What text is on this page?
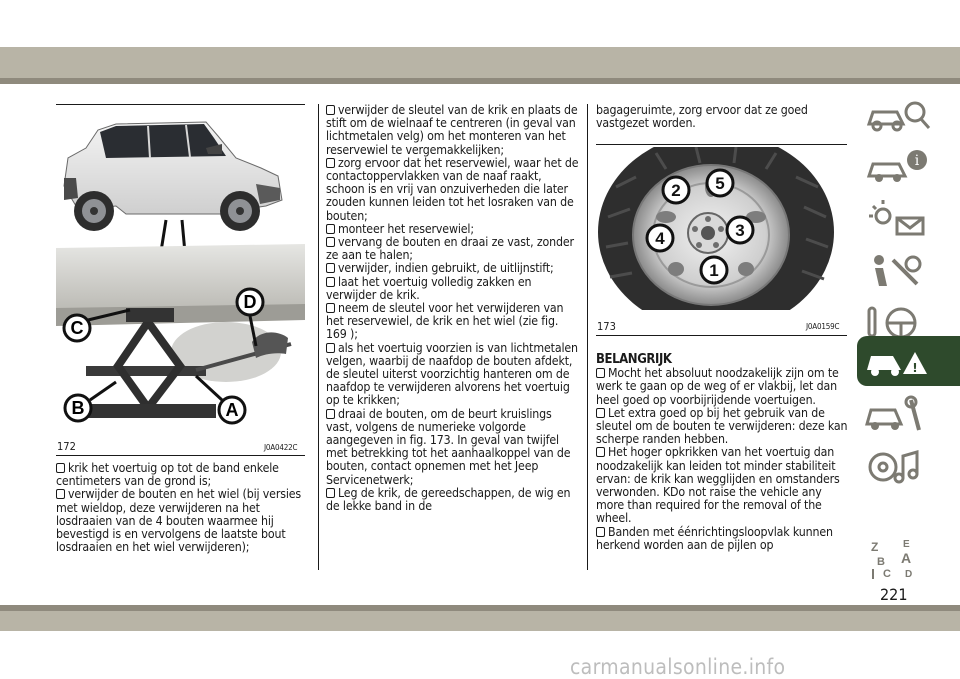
D
C
B	A
172	J0A0422C

krik het voertuig op tot de band enkele centimeters van de grond is;

verwijder de bouten en het wiel (bij versies met wieldop, deze verwijderen na het losdraaien van de 4 bouten waarmee hij bevestigd is en vervolgens de laatste bout losdraaien en het wiel verwijderen);

verwijder de sleutel van de krik en plaats de stift om de wielnaaf te centreren (in geval van lichtmetalen velg) om het monteren van het reservewiel te vergemakkelijken;

zorg ervoor dat het reservewiel, waar het de contactoppervlakken van de naaf raakt, schoon is en vrij van onzuiverheden die later zouden kunnen leiden tot het losraken van de bouten;

monteer het reservewiel;

vervang de bouten en draai ze vast, zonder ze aan te halen;

verwijder, indien gebruikt, de uitlijnstift;

laat het voertuig volledig zakken en verwijder de krik.

neem de sleutel voor het verwijderen van het reservewiel, de krik en het wiel (zie fig. 169 );

als het voertuig voorzien is van lichtmetalen velgen, waarbij de naafdop de bouten afdekt, de sleutel uiterst voorzichtig hanteren om de naafdop te verwijderen alvorens het voertuig op te krikken;

draai de bouten, om de beurt kruislings vast, volgens de numerieke volgorde aangegeven in fig. 173. In geval van twijfel met betrekking tot het aanhaalkoppel van de bouten, contact opnemen met het Jeep Servicenetwerk;

Leg de krik, de gereedschappen, de wig en de lekke band in de

bagageruimte, zorg ervoor dat ze goed vastgezet worden.

2 5
3
4
1
173	J0A0159C

BELANGRIJK

Mocht het absoluut noodzakelijk zijn om te werk te gaan op de weg of er vlakbij, let dan heel goed op voorbijrijdende voertuigen.

Let extra goed op bij het gebruik van de sleutel om de bouten te verwijderen: deze kan scherpe randen hebben.

Het hoger opkrikken van het voertuig dan noodzakelijk kan leiden tot minder stabiliteit ervan: de krik kan wegglijden en omstanders verwonden. KDo not raise the vehicle any more than required for the removal of the wheel.

Banden met éénrichtingsloopvlak kunnen herkend worden aan de pijlen op

i
!
Z E
B A
C D
221
carmanualsonline.info
